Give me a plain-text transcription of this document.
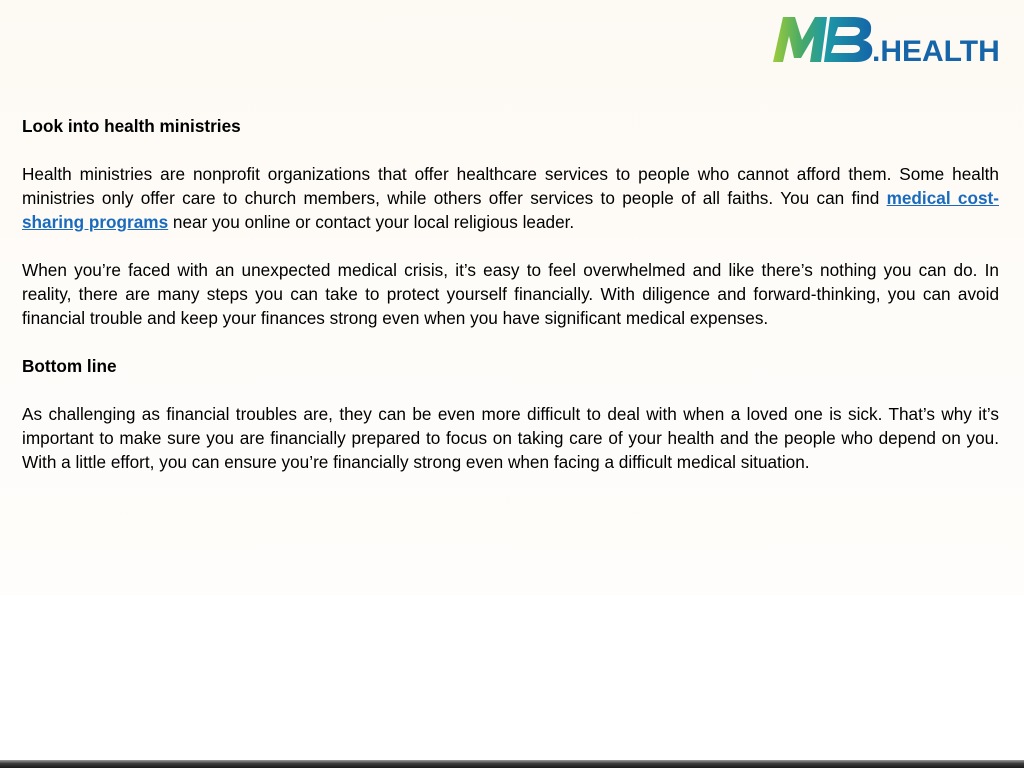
.HEALTH
Look into health ministries

Health ministries are nonprofit organizations that offer healthcare services to people who cannot afford them. Some health ministries only offer care to church members, while others offer services to people of all faiths. You can find medical cost-sharing programs near you online or contact your local religious leader.

When you’re faced with an unexpected medical crisis, it’s easy to feel overwhelmed and like there’s nothing you can do. In reality, there are many steps you can take to protect yourself financially. With diligence and forward-thinking, you can avoid financial trouble and keep your finances strong even when you have significant medical expenses.

Bottom line

As challenging as financial troubles are, they can be even more difficult to deal with when a loved one is sick. That’s why it’s important to make sure you are financially prepared to focus on taking care of your health and the people who depend on you. With a little effort, you can ensure you’re financially strong even when facing a difficult medical situation.
